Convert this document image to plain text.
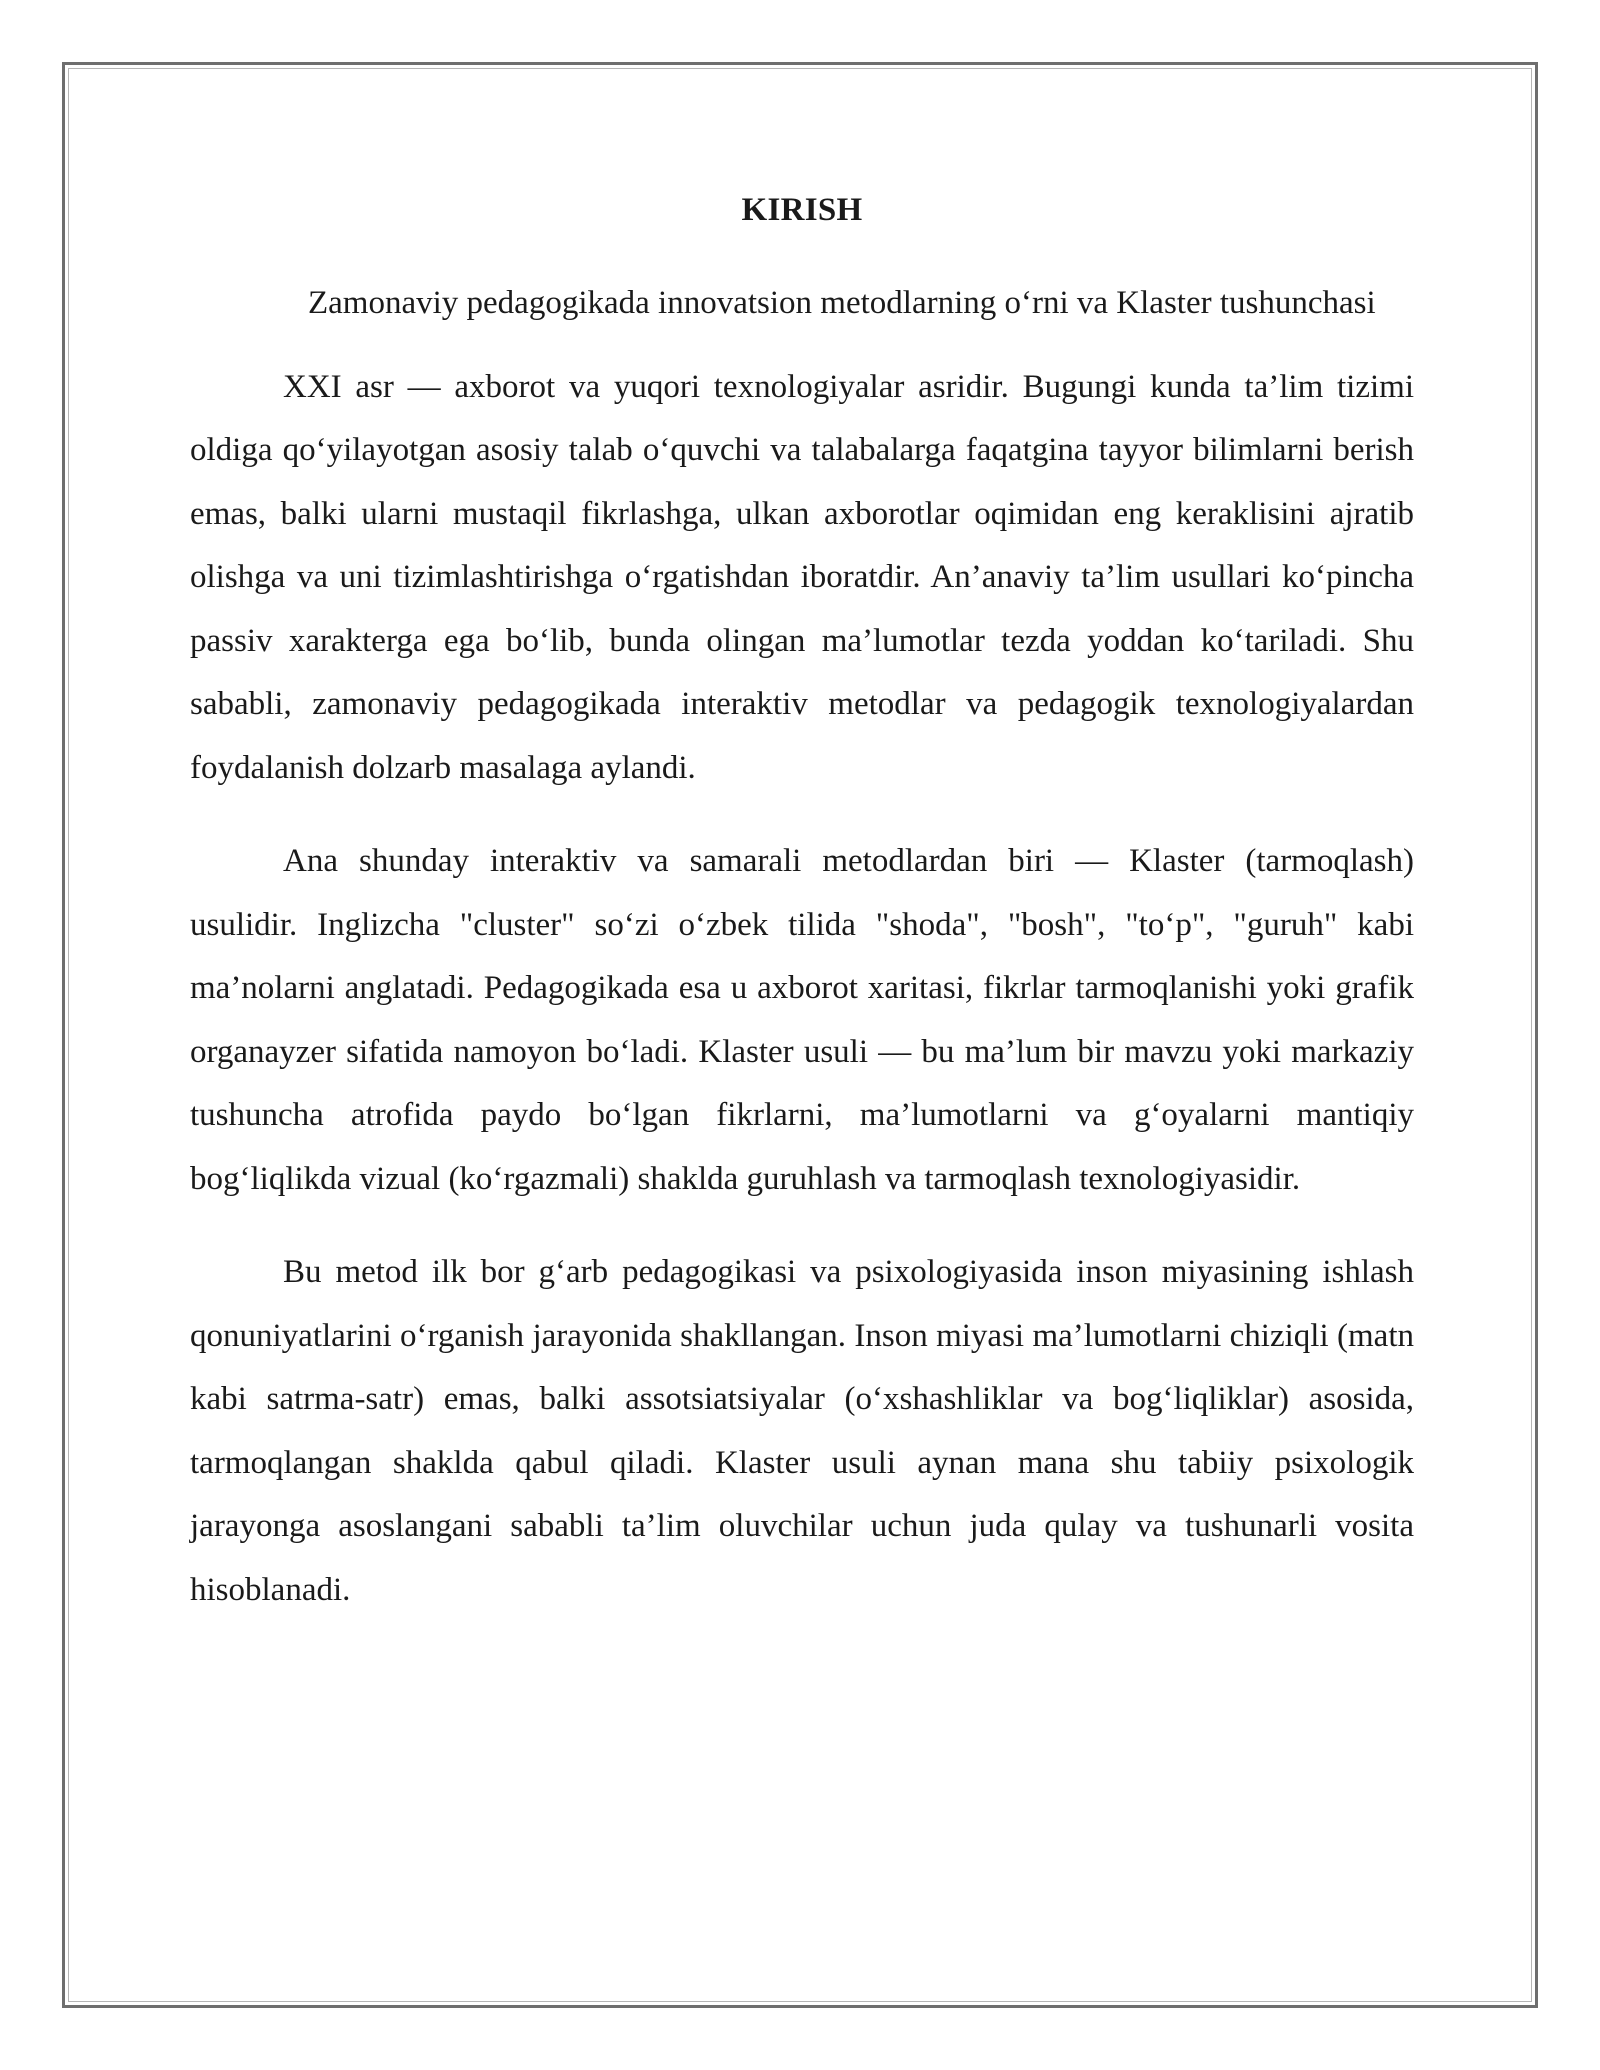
KIRISH

Zamonaviy pedagogikada innovatsion metodlarning o‘rni va Klaster tushunchasi

XXI asr — axborot va yuqori texnologiyalar asridir. Bugungi kunda ta’lim tizimi oldiga qo‘yilayotgan asosiy talab o‘quvchi va talabalarga faqatgina tayyor bilimlarni berish emas, balki ularni mustaqil fikrlashga, ulkan axborotlar oqimidan eng keraklisini ajratib olishga va uni tizimlashtirishga o‘rgatishdan iboratdir. An’anaviy ta’lim usullari ko‘pincha passiv xarakterga ega bo‘lib, bunda olingan ma’lumotlar tezda yoddan ko‘tariladi. Shu sababli, zamonaviy pedagogikada interaktiv metodlar va pedagogik texnologiyalardan foydalanish dolzarb masalaga aylandi.

Ana shunday interaktiv va samarali metodlardan biri — Klaster (tarmoqlash) usulidir. Inglizcha "cluster" so‘zi o‘zbek tilida "shoda", "bosh", "to‘p", "guruh" kabi ma’nolarni anglatadi. Pedagogikada esa u axborot xaritasi, fikrlar tarmoqlanishi yoki grafik organayzer sifatida namoyon bo‘ladi. Klaster usuli — bu ma’lum bir mavzu yoki markaziy tushuncha atrofida paydo bo‘lgan fikrlarni, ma’lumotlarni va g‘oyalarni mantiqiy bog‘liqlikda vizual (ko‘rgazmali) shaklda guruhlash va tarmoqlash texnologiyasidir.

Bu metod ilk bor g‘arb pedagogikasi va psixologiyasida inson miyasining ishlash qonuniyatlarini o‘rganish jarayonida shakllangan. Inson miyasi ma’lumotlarni chiziqli (matn kabi satrma-satr) emas, balki assotsiatsiyalar (o‘xshashliklar va bog‘liqliklar) asosida, tarmoqlangan shaklda qabul qiladi. Klaster usuli aynan mana shu tabiiy psixologik jarayonga asoslangani sababli ta’lim oluvchilar uchun juda qulay va tushunarli vosita hisoblanadi.
